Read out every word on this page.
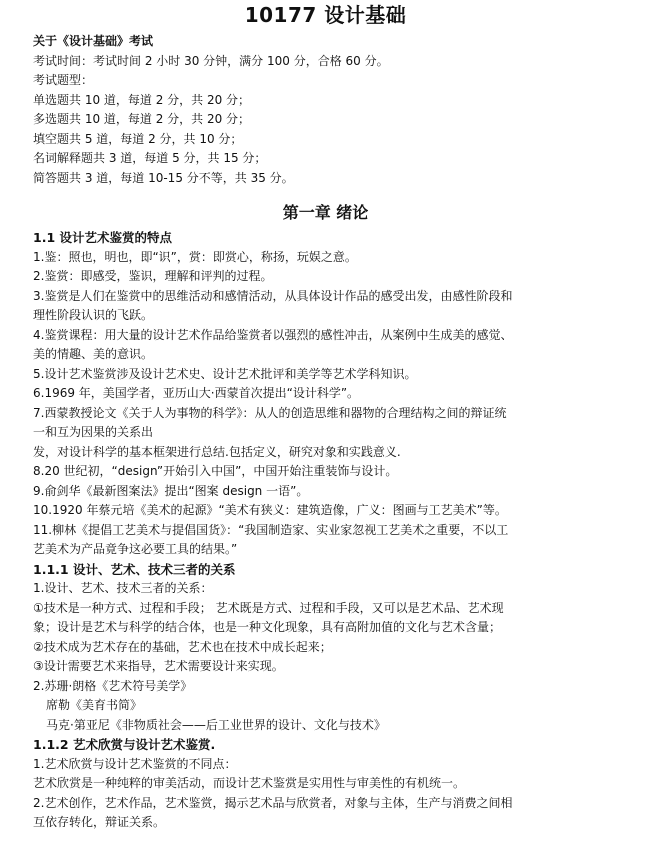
10177 设计基础
关于《设计基础》考试
考试时间：考试时间 2 小时 30 分钟，满分 100 分，合格 60 分。
考试题型：
单选题共 10 道，每道 2 分，共 20 分；
多选题共 10 道，每道 2 分，共 20 分；
填空题共 5 道，每道 2 分，共 10 分；
名词解释题共 3 道，每道 5 分，共 15 分；
简答题共 3 道，每道 10-15 分不等，共 35 分。
第一章 绪论
1.1 设计艺术鉴赏的特点
1.鉴：照也，明也，即“识”，赏：即赏心，称扬，玩娱之意。
2.鉴赏：即感受，鉴识，理解和评判的过程。
3.鉴赏是人们在鉴赏中的思维活动和感情活动，从具体设计作品的感受出发，由感性阶段和
理性阶段认识的飞跃。
4.鉴赏课程：用大量的设计艺术作品给鉴赏者以强烈的感性冲击，从案例中生成美的感觉、
美的情趣、美的意识。
5.设计艺术鉴赏涉及设计艺术史、设计艺术批评和美学等艺术学科知识。
6.1969 年，美国学者，亚历山大·西蒙首次提出“设计科学”。
7.西蒙教授论文《关于人为事物的科学》：从人的创造思维和器物的合理结构之间的辩证统
一和互为因果的关系出
发，对设计科学的基本框架进行总结.包括定义，研究对象和实践意义.
8.20 世纪初，“design”开始引入中国”，中国开始注重装饰与设计。
9.俞剑华《最新图案法》提出“图案 design 一语”。
10.1920 年蔡元培《美术的起源》“美术有狭义：建筑造像，广义：图画与工艺美术”等。
11.柳林《提倡工艺美术与提倡国货》：“我国制造家、实业家忽视工艺美术之重要，不以工
艺美术为产品竟争这必要工具的结果。”
1.1.1 设计、艺术、技术三者的关系
1.设计、艺术、技术三者的关系：
①技术是一种方式、过程和手段； 艺术既是方式、过程和手段，又可以是艺术品、艺术现
象；设计是艺术与科学的结合体，也是一种文化现象，具有高附加值的文化与艺术含量；
②技术成为艺术存在的基础，艺术也在技术中成长起来；
③设计需要艺术来指导，艺术需要设计来实现。
2.苏珊·朗格《艺术符号美学》
席勒《美育书简》
马克·第亚尼《非物质社会——后工业世界的设计、文化与技术》
1.1.2 艺术欣赏与设计艺术鉴赏.
1.艺术欣赏与设计艺术鉴赏的不同点：
艺术欣赏是一种纯粹的审美活动，而设计艺术鉴赏是实用性与审美性的有机统一。
2.艺术创作，艺术作品，艺术鉴赏，揭示艺术品与欣赏者，对象与主体，生产与消费之间相
互依存转化，辩证关系。
